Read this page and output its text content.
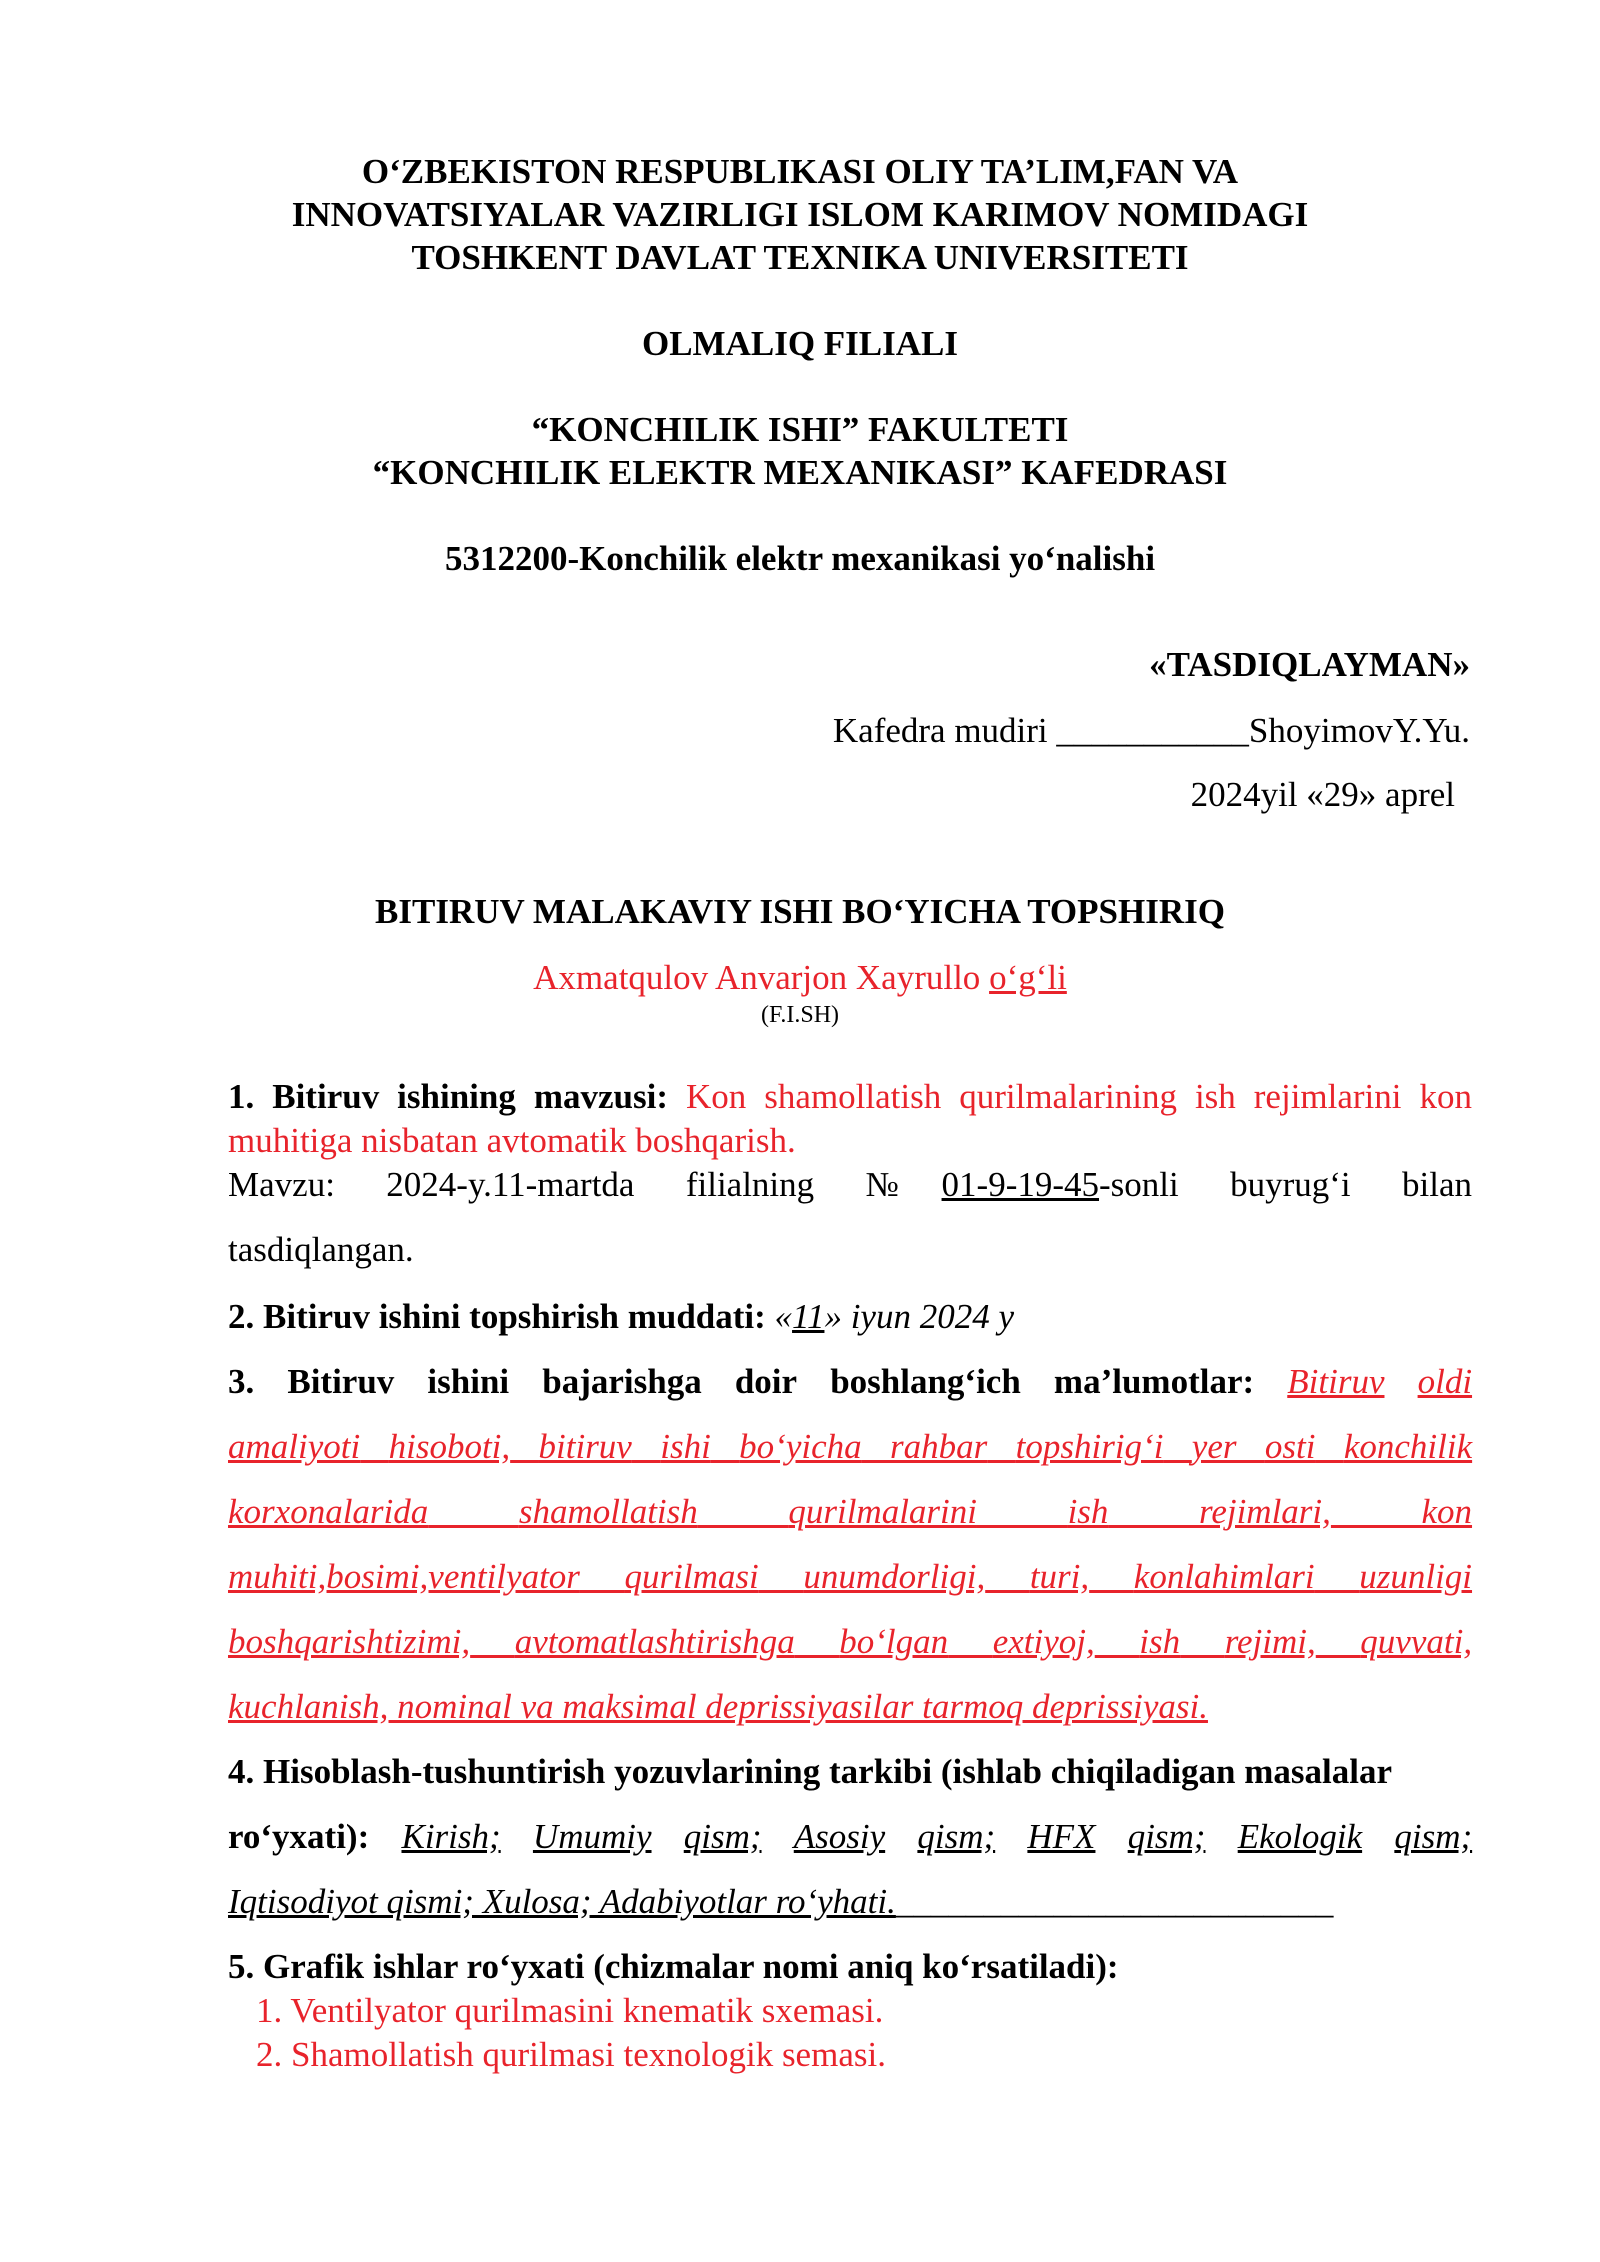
O‘ZBEKISTON RESPUBLIKASI OLIY TA’LIM,FAN VA

INNOVATSIYALAR VAZIRLIGI ISLOM KARIMOV NOMIDAGI

TOSHKENT DAVLAT TEXNIKA UNIVERSITETI

OLMALIQ FILIALI
“KONCHILIK ISHI” FAKULTETI
“KONCHILIK ELEKTR MEXANIKASI” KAFEDRASI
5312200-Konchilik elektr mexanikasi yo‘nalishi
«TASDIQLAYMAN»
Kafedra mudiri ___________ShoyimovY.Yu.
2024yil «29» aprel
BITIRUV MALAKAVIY ISHI BO‘YICHA TOPSHIRIQ
Axmatqulov Anvarjon Xayrullo o‘g‘li
(F.I.SH)
1. Bitiruv ishining mavzusi: Kon shamollatish qurilmalarining ish rejimlarini kon
muhitiga nisbatan avtomatik boshqarish.
Mavzu: 2024-y.11-martda filialning №01-9-19-45-sonli buyrug‘i bilan
tasdiqlangan.
2. Bitiruv ishini topshirish muddati: «11» iyun 2024 y
3. Bitiruv ishini bajarishga doir boshlang‘ich ma’lumotlar: Bitiruv oldi
amaliyoti hisoboti, bitiruv ishi bo‘yicha rahbar topshirig‘i yer osti konchilik
korxonalarida	shamollatish	qurilmalarini	ish	rejimlari,	kon
muhiti,bosimi,ventilyator qurilmasi unumdorligi, turi, konlahimlari uzunligi
boshqarishtizimi, avtomatlashtirishga bo‘lgan extiyoj, ish rejimi, quvvati,
kuchlanish, nominal va maksimal deprissiyasilar tarmoq deprissiyasi.
4. Hisoblash-tushuntirish yozuvlarining tarkibi (ishlab chiqiladigan masalalar
ro‘yxati): Kirish; Umumiy qism; Asosiy qism; HFX qism; Ekologik qism;
Iqtisodiyot qismi; Xulosa; Adabiyotlar ro‘yhati._________________________
5. Grafik ishlar ro‘yxati (chizmalar nomi aniq ko‘rsatiladi):
1. Ventilyator qurilmasini knematik sxemasi.
2. Shamollatish qurilmasi texnologik semasi.
